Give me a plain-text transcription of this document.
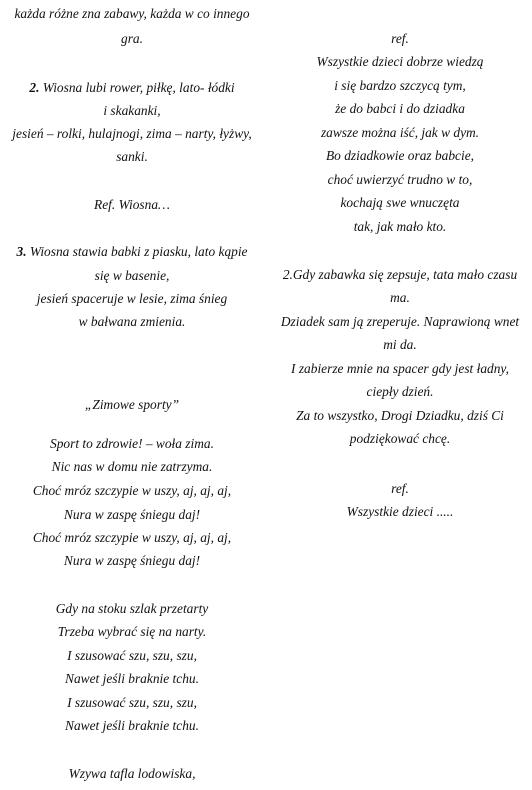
każda różne zna zabawy, każda w co innego
gra.
2. Wiosna lubi rower, piłkę, lato- łódki
i skakanki,
jesień – rolki, hulajnogi, zima – narty, łyżwy,
sanki.
Ref. Wiosna…
3. Wiosna stawia babki z piasku, lato kąpie
się w basenie,
jesień spaceruje w lesie, zima śnieg
w bałwana zmienia.
„Zimowe sporty”
Sport to zdrowie! – woła zima.
Nic nas w domu nie zatrzyma.
Choć mróz szczypie w uszy, aj, aj, aj,
Nura w zaspę śniegu daj!
Choć mróz szczypie w uszy, aj, aj, aj,
Nura w zaspę śniegu daj!
Gdy na stoku szlak przetarty
Trzeba wybrać się na narty.
I szusować szu, szu, szu,
Nawet jeśli braknie tchu.
I szusować szu, szu, szu,
Nawet jeśli braknie tchu.
Wzywa tafla lodowiska,
ref.
Wszystkie dzieci dobrze wiedzą
i się bardzo szczycą tym,
że do babci i do dziadka
zawsze można iść, jak w dym.
Bo dziadkowie oraz babcie,
choć uwierzyć trudno w to,
kochają swe wnuczęta
tak, jak mało kto.
2.Gdy zabawka się zepsuje, tata mało czasu
ma.
Dziadek sam ją zreperuje. Naprawioną wnet
mi da.
I zabierze mnie na spacer gdy jest ładny,
ciepły dzień.
Za to wszystko, Drogi Dziadku, dziś Ci
podziękować chcę.
ref.
Wszystkie dzieci .....
